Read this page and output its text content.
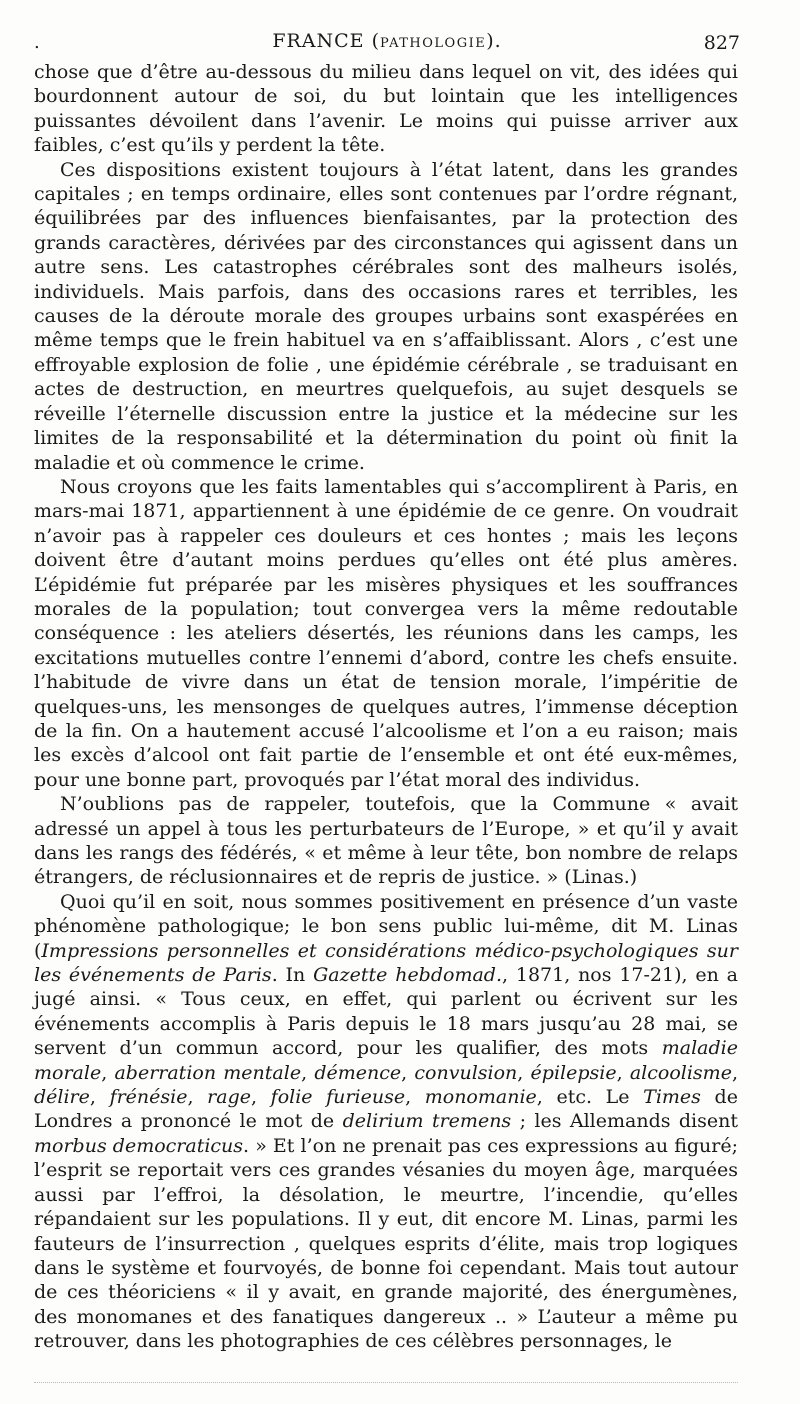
.	FRANCE (PATHOLOGIE).	827

chose que d’être au-dessous du milieu dans lequel on vit, des idées qui bourdonnent autour de soi, du but lointain que les intelligences puissantes dévoilent dans l’avenir. Le moins qui puisse arriver aux faibles, c’est qu’ils y perdent la tête.

Ces dispositions existent toujours à l’état latent, dans les grandes capitales ; en temps ordinaire, elles sont contenues par l’ordre régnant, équilibrées par des influences bienfaisantes, par la protection des grands caractères, dérivées par des circonstances qui agissent dans un autre sens. Les catastrophes cérébrales sont des malheurs isolés, individuels. Mais parfois, dans des occasions rares et terribles, les causes de la déroute morale des groupes urbains sont exaspérées en même temps que le frein habituel va en s’affaiblissant. Alors , c’est une effroyable explosion de folie , une épidémie cérébrale , se traduisant en actes de destruction, en meurtres quelquefois, au sujet desquels se réveille l’éternelle discussion entre la justice et la médecine sur les limites de la responsabilité et la détermination du point où finit la maladie et où commence le crime.

Nous croyons que les faits lamentables qui s’accomplirent à Paris, en mars-mai 1871, appartiennent à une épidémie de ce genre. On voudrait n’avoir pas à rappeler ces douleurs et ces hontes ; mais les leçons doivent être d’autant moins perdues qu’elles ont été plus amères. L’épidémie fut préparée par les misères physiques et les souffrances morales de la population; tout convergea vers la même redoutable conséquence : les ateliers désertés, les réunions dans les camps, les excitations mutuelles contre l’ennemi d’abord, contre les chefs ensuite. l’habitude de vivre dans un état de tension morale, l’impéritie de quelques-uns, les mensonges de quelques autres, l’immense déception de la fin. On a hautement accusé l’alcoolisme et l’on a eu raison; mais les excès d’alcool ont fait partie de l’ensemble et ont été eux-mêmes, pour une bonne part, provoqués par l’état moral des individus.

N’oublions pas de rappeler, toutefois, que la Commune « avait adressé un appel à tous les perturbateurs de l’Europe, » et qu’il y avait dans les rangs des fédérés, « et même à leur tête, bon nombre de relaps étrangers, de réclusionnaires et de repris de justice. » (Linas.)

Quoi qu’il en soit, nous sommes positivement en présence d’un vaste phénomène pathologique; le bon sens public lui-même, dit M. Linas (Impressions personnelles et considérations médico-psychologiques sur les événements de Paris. In Gazette hebdomad., 1871, nos 17-21), en a jugé ainsi. « Tous ceux, en effet, qui parlent ou écrivent sur les événements accomplis à Paris depuis le 18 mars jusqu’au 28 mai, se servent d’un commun accord, pour les qualifier, des mots maladie morale, aberration mentale, démence, convulsion, épilepsie, alcoolisme, délire, frénésie, rage, folie furieuse, monomanie, etc. Le Times de Londres a prononcé le mot de delirium tremens ; les Allemands disent morbus democraticus. » Et l’on ne prenait pas ces expressions au figuré; l’esprit se reportait vers ces grandes vésanies du moyen âge, marquées aussi par l’effroi, la désolation, le meurtre, l’incendie, qu’elles répandaient sur les populations. Il y eut, dit encore M. Linas, parmi les fauteurs de l’insurrection , quelques esprits d’élite, mais trop logiques dans le système et fourvoyés, de bonne foi cependant. Mais tout autour de ces théoriciens « il y avait, en grande majorité, des énergumènes, des monomanes et des fanatiques dangereux .. » L’auteur a même pu retrouver, dans les photographies de ces célèbres personnages, le
